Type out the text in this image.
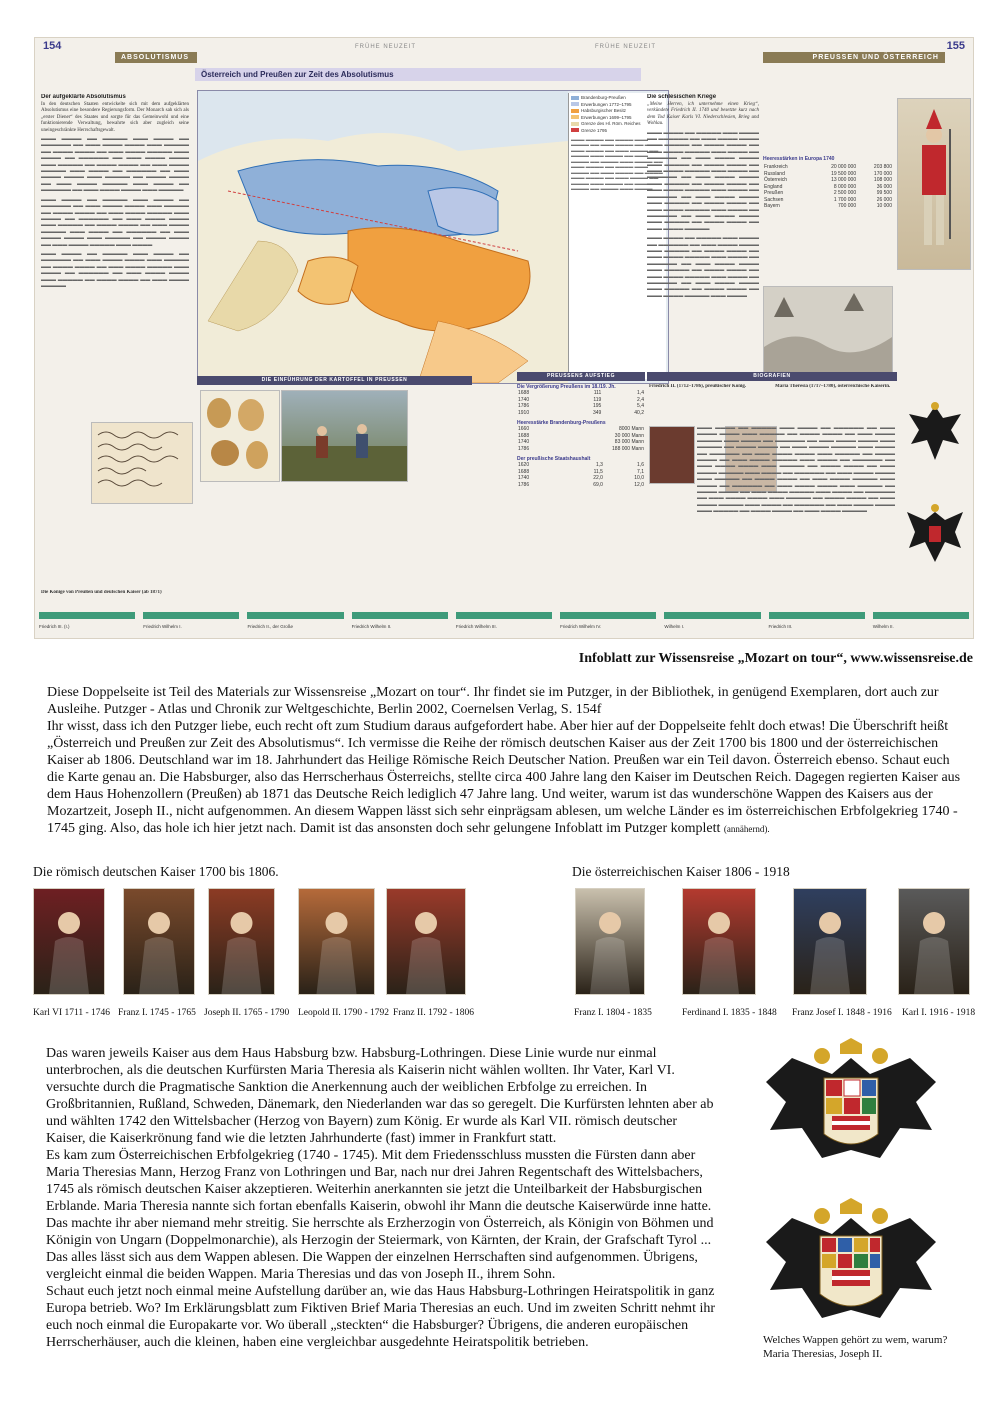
154	155
ABSOLUTISMUS
FRÜHE NEUZEIT	FRÜHE NEUZEIT
PREUSSEN UND ÖSTERREICH
Der aufgeklärte Absolutismus

In den deutschen Staaten entwickelte sich mit dem aufgeklärten Absolutismus eine besondere Regierungsform. Der Monarch sah sich als „erster Diener“ des Staates und sorgte für das Gemeinwohl und eine funktionierende Verwaltung, bewahrte sich aber zugleich seine uneingeschränkte Herrschaftsgewalt.

▬▬▬ ▬▬▬▬ ▬▬ ▬▬▬▬▬ ▬▬▬ ▬▬▬▬ ▬▬ ▬▬▬▬▬▬ ▬▬ ▬▬▬ ▬▬▬▬ ▬▬▬▬ ▬▬▬ ▬▬▬▬▬ ▬▬ ▬▬▬▬ ▬▬▬▬ ▬▬ ▬▬▬ ▬▬▬▬ ▬▬▬▬▬ ▬▬▬ ▬▬▬▬ ▬▬ ▬▬▬▬▬▬ ▬▬ ▬▬▬ ▬▬▬▬ ▬▬▬▬ ▬▬▬ ▬▬▬▬▬ ▬▬ ▬▬▬▬ ▬▬▬▬ ▬▬ ▬▬▬ ▬▬▬▬ ▬▬▬▬▬ ▬▬▬ ▬▬▬▬ ▬▬ ▬▬▬▬▬▬ ▬▬ ▬▬▬ ▬▬▬▬ ▬▬▬▬ ▬▬▬ ▬▬▬▬▬ ▬▬ ▬▬▬▬ ▬▬▬▬ ▬▬ ▬▬▬ ▬▬▬▬ ▬▬▬▬▬ ▬▬▬ ▬▬▬▬ ▬▬ ▬▬▬▬▬▬ ▬▬ ▬▬▬ ▬▬▬▬ ▬▬▬▬ ▬▬▬ ▬▬▬▬▬

▬▬▬ ▬▬▬▬ ▬▬ ▬▬▬▬▬ ▬▬▬ ▬▬▬▬ ▬▬ ▬▬▬▬▬▬ ▬▬ ▬▬▬ ▬▬▬▬ ▬▬▬▬ ▬▬▬ ▬▬▬▬▬ ▬▬ ▬▬▬▬ ▬▬▬▬ ▬▬ ▬▬▬ ▬▬▬▬ ▬▬▬▬▬ ▬▬▬ ▬▬▬▬ ▬▬ ▬▬▬▬▬▬ ▬▬ ▬▬▬ ▬▬▬▬ ▬▬▬▬ ▬▬▬ ▬▬▬▬▬ ▬▬ ▬▬▬▬ ▬▬▬▬ ▬▬ ▬▬▬ ▬▬▬▬ ▬▬▬▬▬ ▬▬▬ ▬▬▬▬ ▬▬ ▬▬▬▬▬▬ ▬▬ ▬▬▬ ▬▬▬▬ ▬▬▬▬ ▬▬▬ ▬▬▬▬▬ ▬▬ ▬▬▬▬ ▬▬▬▬ ▬▬ ▬▬▬ ▬▬▬▬ ▬▬▬▬▬ ▬▬▬ ▬▬▬▬

▬▬▬ ▬▬▬▬ ▬▬ ▬▬▬▬▬ ▬▬▬ ▬▬▬▬ ▬▬ ▬▬▬▬▬▬ ▬▬ ▬▬▬ ▬▬▬▬ ▬▬▬▬ ▬▬▬ ▬▬▬▬▬ ▬▬ ▬▬▬▬ ▬▬▬▬ ▬▬ ▬▬▬ ▬▬▬▬ ▬▬▬▬▬ ▬▬▬ ▬▬▬▬ ▬▬ ▬▬▬▬▬▬ ▬▬ ▬▬▬ ▬▬▬▬ ▬▬▬▬ ▬▬▬ ▬▬▬▬▬ ▬▬ ▬▬▬▬ ▬▬▬▬ ▬▬ ▬▬▬ ▬▬▬▬ ▬▬▬▬▬

Österreich und Preußen zur Zeit des Absolutismus
Brandenburg-Preußen
Erwerbungen 1772–1795
Habsburgischer Besitz
Erwerbungen 1699–1795
Grenze des Hl. Röm. Reiches
Grenze 1795
▬▬▬ ▬▬▬▬ ▬▬ ▬▬▬▬ ▬▬▬ ▬▬▬▬ ▬▬ ▬▬▬ ▬▬▬▬ ▬▬ ▬▬▬▬ ▬▬▬ ▬▬▬▬ ▬▬ ▬▬▬ ▬▬▬▬ ▬▬ ▬▬▬▬ ▬▬▬ ▬▬▬▬ ▬▬ ▬▬▬ ▬▬▬▬ ▬▬ ▬▬▬▬ ▬▬▬ ▬▬▬▬ ▬▬ ▬▬▬ ▬▬▬▬ ▬▬ ▬▬▬▬ ▬▬▬ ▬▬▬▬ ▬▬ ▬▬▬ ▬▬▬▬ ▬▬ ▬▬▬▬ ▬▬▬ ▬▬▬▬ ▬▬ ▬▬▬ ▬▬▬▬ ▬▬ ▬▬▬▬ ▬▬▬ ▬▬▬▬ ▬▬ ▬▬▬ ▬▬▬▬ ▬▬ ▬▬▬▬ ▬▬▬ ▬▬▬▬
Die schlesischen Kriege

„Meine Herren, ich unternehme einen Krieg“, verkündete Friedrich II. 1740 und besetzte kurz nach dem Tod Kaiser Karls VI. Niederschlesien, Brieg und Wohlau.

▬▬▬ ▬▬▬▬ ▬▬ ▬▬▬▬▬ ▬▬▬ ▬▬▬▬ ▬▬ ▬▬▬▬▬▬ ▬▬ ▬▬▬ ▬▬▬▬ ▬▬▬▬ ▬▬▬ ▬▬▬▬▬ ▬▬ ▬▬▬▬ ▬▬▬▬ ▬▬ ▬▬▬ ▬▬▬▬ ▬▬▬▬▬ ▬▬▬ ▬▬▬▬ ▬▬ ▬▬▬▬▬▬ ▬▬ ▬▬▬ ▬▬▬▬ ▬▬▬▬ ▬▬▬ ▬▬▬▬▬ ▬▬ ▬▬▬▬ ▬▬▬▬ ▬▬ ▬▬▬ ▬▬▬▬ ▬▬▬▬▬ ▬▬▬ ▬▬▬▬ ▬▬ ▬▬▬▬▬▬ ▬▬ ▬▬▬ ▬▬▬▬ ▬▬▬▬ ▬▬▬ ▬▬▬▬▬ ▬▬ ▬▬▬▬ ▬▬▬▬ ▬▬ ▬▬▬ ▬▬▬▬ ▬▬▬▬▬ ▬▬▬ ▬▬▬▬ ▬▬ ▬▬▬▬▬▬ ▬▬ ▬▬▬ ▬▬▬▬ ▬▬▬▬ ▬▬▬ ▬▬▬▬▬ ▬▬ ▬▬▬▬ ▬▬▬▬ ▬▬ ▬▬▬ ▬▬▬▬ ▬▬▬▬▬ ▬▬▬ ▬▬▬▬ ▬▬ ▬▬▬▬▬▬ ▬▬ ▬▬▬ ▬▬▬▬ ▬▬▬▬ ▬▬▬ ▬▬▬▬▬ ▬▬ ▬▬▬▬ ▬▬▬▬ ▬▬ ▬▬▬ ▬▬▬▬ ▬▬▬▬▬

▬▬▬ ▬▬▬▬ ▬▬ ▬▬▬▬▬ ▬▬▬ ▬▬▬▬ ▬▬ ▬▬▬▬▬▬ ▬▬ ▬▬▬ ▬▬▬▬ ▬▬▬▬ ▬▬▬ ▬▬▬▬▬ ▬▬ ▬▬▬▬ ▬▬▬▬ ▬▬ ▬▬▬ ▬▬▬▬ ▬▬▬▬▬ ▬▬▬ ▬▬▬▬ ▬▬ ▬▬▬▬▬▬ ▬▬ ▬▬▬ ▬▬▬▬ ▬▬▬▬ ▬▬▬ ▬▬▬▬▬ ▬▬ ▬▬▬▬ ▬▬▬▬ ▬▬ ▬▬▬ ▬▬▬▬ ▬▬▬▬▬ ▬▬▬ ▬▬▬▬ ▬▬ ▬▬▬▬▬▬ ▬▬ ▬▬▬ ▬▬▬▬ ▬▬▬▬ ▬▬▬ ▬▬▬▬▬ ▬▬ ▬▬▬▬ ▬▬▬▬ ▬▬ ▬▬▬ ▬▬▬▬ ▬▬▬▬▬ ▬▬▬ ▬▬▬▬

Heeresstärken in Europa 1740
Frankreich	20 000 000	203 800
Russland	19 500 000	170 000
Österreich	13 000 000	108 000
England	8 000 000	36 000
Preußen	2 500 000	99 500
Sachsen	1 700 000	26 000
Bayern	700 000	10 000
DIE EINFÜHRUNG DER KARTOFFEL IN PREUSSEN
PREUSSENS AUFSTIEG
Die Vergrößerung Preußens im 18./19. Jh.
1688	111	1,4
1740	119	2,4
1786	195	5,4
1910	349	40,2
Heeresstärke Brandenburg-Preußens
1660	8000 Mann
1688	30 000 Mann
1740	83 000 Mann
1786	188 000 Mann
Der preußische Staatshaushalt
1620	1,3	1,6
1688	11,5	7,1
1740	22,0	10,0
1786	69,0	12,0
BIOGRAFIEN

Friedrich II. (1712–1786), preußischer König.	Maria Theresia (1717–1780), österreichische Kaiserin.

▬▬▬ ▬▬▬▬ ▬▬ ▬▬▬▬▬ ▬▬▬ ▬▬▬▬ ▬▬ ▬▬▬▬▬▬ ▬▬ ▬▬▬ ▬▬▬▬ ▬▬▬▬ ▬▬▬ ▬▬▬▬▬ ▬▬ ▬▬▬▬ ▬▬▬▬ ▬▬ ▬▬▬ ▬▬▬▬ ▬▬▬▬▬ ▬▬▬ ▬▬▬▬ ▬▬ ▬▬▬▬▬▬ ▬▬ ▬▬▬ ▬▬▬▬ ▬▬▬▬ ▬▬▬ ▬▬▬▬▬ ▬▬ ▬▬▬▬ ▬▬▬▬ ▬▬ ▬▬▬ ▬▬▬▬ ▬▬▬▬▬ ▬▬▬ ▬▬▬▬ ▬▬ ▬▬▬▬▬▬ ▬▬ ▬▬▬ ▬▬▬▬ ▬▬▬▬ ▬▬▬ ▬▬▬▬▬ ▬▬ ▬▬▬▬ ▬▬▬▬ ▬▬ ▬▬▬ ▬▬▬▬ ▬▬▬▬▬ ▬▬▬ ▬▬▬▬ ▬▬ ▬▬▬▬▬▬ ▬▬ ▬▬▬ ▬▬▬▬ ▬▬▬▬ ▬▬▬ ▬▬▬▬▬ ▬▬ ▬▬▬▬ ▬▬▬▬ ▬▬ ▬▬▬ ▬▬▬▬ ▬▬▬▬▬ ▬▬▬ ▬▬▬▬ ▬▬ ▬▬▬▬▬▬ ▬▬ ▬▬▬ ▬▬▬▬ ▬▬▬▬ ▬▬▬ ▬▬▬▬▬ ▬▬ ▬▬▬▬ ▬▬▬▬ ▬▬ ▬▬▬ ▬▬▬▬ ▬▬▬▬▬ ▬▬▬ ▬▬▬▬ ▬▬ ▬▬▬▬▬▬ ▬▬ ▬▬▬ ▬▬▬▬ ▬▬▬▬ ▬▬▬ ▬▬▬▬▬ ▬▬ ▬▬▬▬ ▬▬▬▬ ▬▬ ▬▬▬ ▬▬▬▬ ▬▬▬▬▬ ▬▬▬ ▬▬▬▬ ▬▬ ▬▬▬▬▬▬ ▬▬ ▬▬▬ ▬▬▬▬ ▬▬▬▬ ▬▬▬ ▬▬▬▬▬ ▬▬ ▬▬▬▬ ▬▬▬▬ ▬▬ ▬▬▬ ▬▬▬▬ ▬▬▬▬▬ ▬▬▬ ▬▬▬▬ ▬▬ ▬▬▬▬▬▬ ▬▬ ▬▬▬ ▬▬▬▬ ▬▬▬▬ ▬▬▬ ▬▬▬▬▬ ▬▬ ▬▬▬▬ ▬▬▬▬ ▬▬ ▬▬▬ ▬▬▬▬ ▬▬▬▬▬

Die Könige von Preußen und deutschen Kaiser (ab 1871)
Friedrich III. (I.)	Friedrich Wilhelm I.	Friedrich II., der Große	Friedrich Wilhelm II.	Friedrich Wilhelm III.	Friedrich Wilhelm IV.	Wilhelm I.	Friedrich III.	Wilhelm II.
Infoblatt zur Wissensreise „Mozart on tour“, www.wissensreise.de

Diese Doppelseite ist Teil des Materials zur Wissensreise „Mozart on tour“. Ihr findet sie im Putzger, in der Bibliothek, in genügend Exemplaren, dort auch zur Ausleihe. Putzger - Atlas und Chronik zur Weltgeschichte, Berlin 2002, Coernelsen Verlag, S. 154f

Ihr wisst, dass ich den Putzger liebe, euch recht oft zum Studium daraus aufgefordert habe. Aber hier auf der Doppelseite fehlt doch etwas! Die Überschrift heißt „Österreich und Preußen zur Zeit des Absolutismus“. Ich vermisse die Reihe der römisch deutschen Kaiser aus der Zeit 1700 bis 1800 und der österreichischen Kaiser ab 1806. Deutschland war im 18. Jahrhundert das Heilige Römische Reich Deutscher Nation. Preußen war ein Teil davon. Österreich ebenso. Schaut euch die Karte genau an. Die Habsburger, also das Herrscherhaus Österreichs, stellte circa 400 Jahre lang den Kaiser im Deutschen Reich. Dagegen regierten Kaiser aus dem Haus Hohenzollern (Preußen) ab 1871 das Deutsche Reich lediglich 47 Jahre lang. Und weiter, warum ist das wunderschöne Wappen des Kaisers aus der Mozartzeit, Joseph II., nicht aufgenommen. An diesem Wappen lässt sich sehr einprägsam ablesen, um welche Länder es im österreichischen Erbfolgekrieg 1740 - 1745 ging. Also, das hole ich hier jetzt nach. Damit ist das ansonsten doch sehr gelungene Infoblatt im Putzger komplett (annähernd).

Die römisch deutschen Kaiser 1700 bis 1806.	Die österreichischen Kaiser 1806 - 1918
Karl VI 1711 - 1746 Franz I. 1745 - 1765 Joseph II. 1765 - 1790 Leopold II. 1790 - 1792 Franz II. 1792 - 1806	Franz I. 1804 - 1835	Ferdinand I. 1835 - 1848 Franz Josef I. 1848 - 1916 Karl I. 1916 - 1918

Das waren jeweils Kaiser aus dem Haus Habsburg bzw. Habsburg-Lothringen. Diese Linie wurde nur einmal unterbrochen, als die deutschen Kurfürsten Maria Theresia als Kaiserin nicht wählen wollten. Ihr Vater, Karl VI. versuchte durch die Pragmatische Sanktion die Anerkennung auch der weiblichen Erbfolge zu erreichen. In Großbritannien, Rußland, Schweden, Dänemark, den Niederlanden war das so geregelt. Die Kurfürsten lehnten aber ab und wählten 1742 den Wittelsbacher (Herzog von Bayern) zum König. Er wurde als Karl VII. römisch deutscher Kaiser, die Kaiserkrönung fand wie die letzten Jahrhunderte (fast) immer in Frankfurt statt.

Es kam zum Österreichischen Erbfolgekrieg (1740 - 1745). Mit dem Friedensschluss mussten die Fürsten dann aber Maria Theresias Mann, Herzog Franz von Lothringen und Bar, nach nur drei Jahren Regentschaft des Wittelsbachers, 1745 als römisch deutschen Kaiser akzeptieren. Weiterhin anerkannten sie jetzt die Unteilbarkeit der Habsburgischen Erblande. Maria Theresia nannte sich fortan ebenfalls Kaiserin, obwohl ihr Mann die deutsche Kaiserwürde inne hatte. Das machte ihr aber niemand mehr streitig. Sie herrschte als Erzherzogin von Österreich, als Königin von Böhmen und Königin von Ungarn (Doppelmonarchie), als Herzogin der Steiermark, von Kärnten, der Krain, der Grafschaft Tyrol ...

Das alles lässt sich aus dem Wappen ablesen. Die Wappen der einzelnen Herrschaften sind aufgenommen. Übrigens, vergleicht einmal die beiden Wappen. Maria Theresias und das von Joseph II., ihrem Sohn.

Schaut euch jetzt noch einmal meine Aufstellung darüber an, wie das Haus Habsburg-Lothringen Heiratspolitik in ganz Europa betrieb. Wo? Im Erklärungsblatt zum Fiktiven Brief Maria Theresias an euch. Und im zweiten Schritt nehmt ihr euch noch einmal die Europakarte vor. Wo überall „steckten“ die Habsburger? Übrigens, die anderen europäischen Herrscherhäuser, auch die kleinen, haben eine vergleichbar ausgedehnte Heiratspolitik betrieben.	Welches Wappen gehört zu wem, warum? Maria Theresias, Joseph II.
